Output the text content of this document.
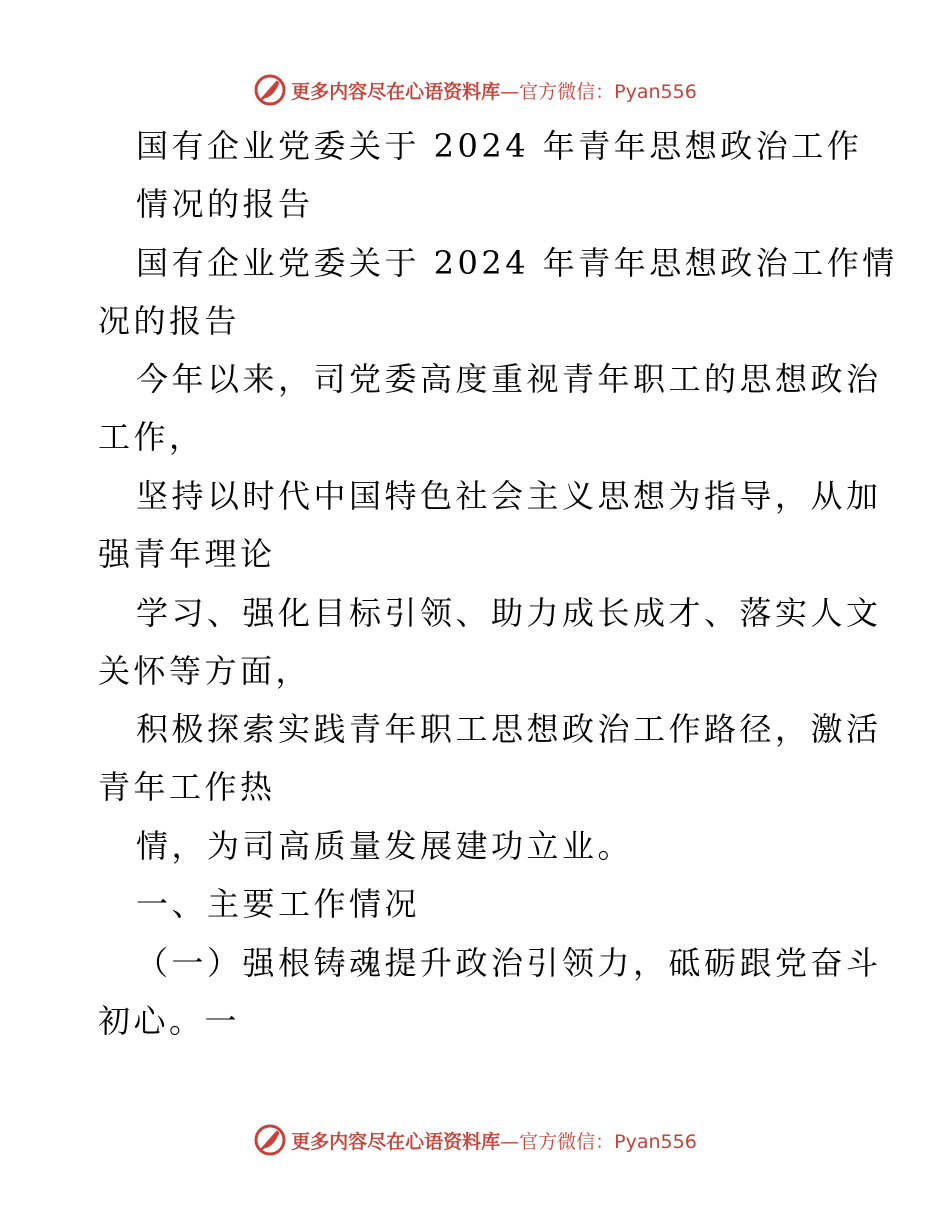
更多内容尽在心语资料库—官方微信：Pyan556
国有企业党委关于 2024 年青年思想政治工作
情况的报告
国有企业党委关于 2024 年青年思想政治工作情
况的报告
今年以来，司党委高度重视青年职工的思想政治
工作，
坚持以时代中国特色社会主义思想为指导，从加
强青年理论
学习、强化目标引领、助力成长成才、落实人文
关怀等方面，
积极探索实践青年职工思想政治工作路径，激活
青年工作热
情，为司高质量发展建功立业。
一、主要工作情况
（一）强根铸魂提升政治引领力，砥砺跟党奋斗
初心。一
更多内容尽在心语资料库—官方微信：Pyan556
